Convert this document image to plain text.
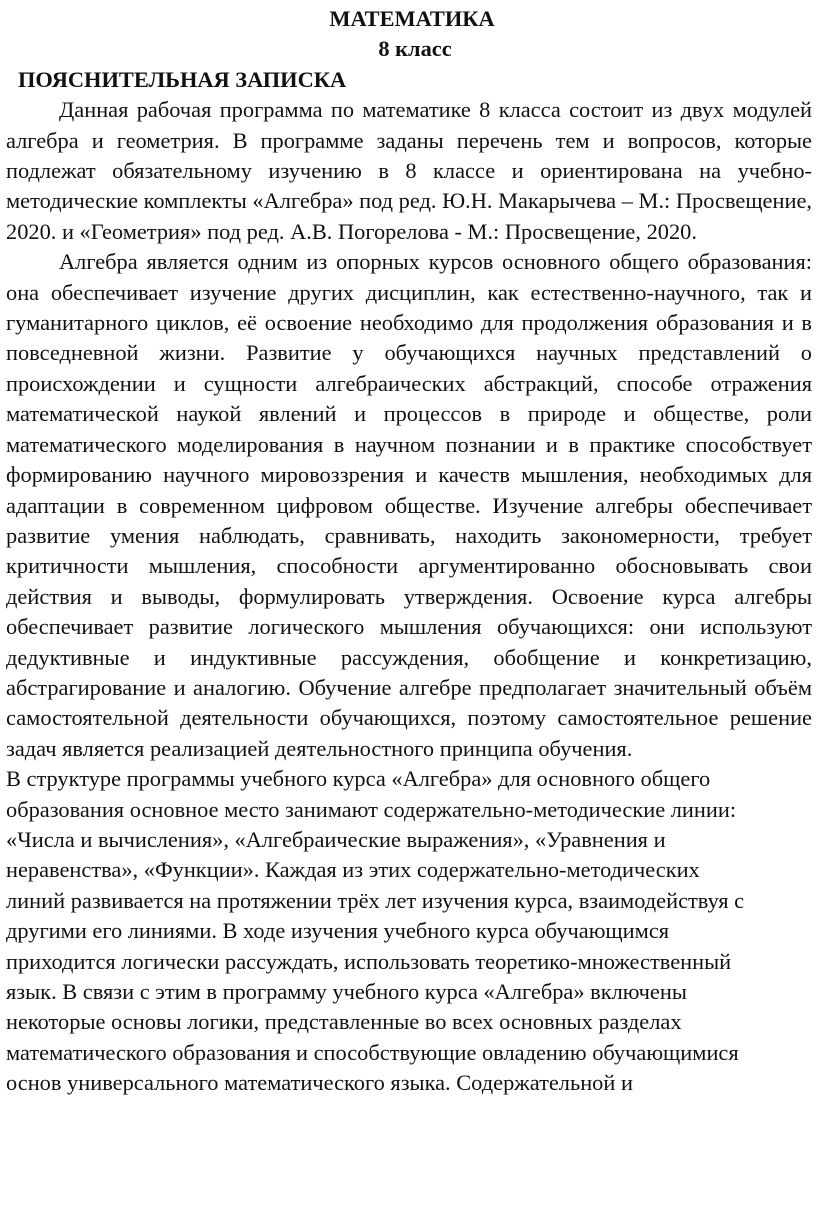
МАТЕМАТИКА

8 класс

ПОЯСНИТЕЛЬНАЯ ЗАПИСКА

Данная рабочая программа по математике 8 класса состоит из двух модулей алгебра и геометрия. В программе заданы перечень тем и вопросов, которые подлежат обязательному изучению в 8 классе и ориентирована на учебно-методические комплекты «Алгебра» под ред. Ю.Н. Макарычева – М.: Просвещение, 2020. и «Геометрия» под ред. А.В. Погорелова - М.: Просвещение, 2020.

Алгебра является одним из опорных курсов основного общего образования: она обеспечивает изучение других дисциплин, как естественно-научного, так и гуманитарного циклов, её освоение необходимо для продолжения образования и в повседневной жизни. Развитие у обучающихся научных представлений о происхождении и сущности алгебраических абстракций, способе отражения математической наукой явлений и процессов в природе и обществе, роли математического моделирования в научном познании и в практике способствует формированию научного мировоззрения и качеств мышления, необходимых для адаптации в современном цифровом обществе. Изучение алгебры обеспечивает развитие умения наблюдать, сравнивать, находить закономерности, требует критичности мышления, способности аргументированно обосновывать свои действия и выводы, формулировать утверждения. Освоение курса алгебры обеспечивает развитие логического мышления обучающихся: они используют дедуктивные и индуктивные рассуждения, обобщение и конкретизацию, абстрагирование и аналогию. Обучение алгебре предполагает значительный объём самостоятельной деятельности обучающихся, поэтому самостоятельное решение задач является реализацией деятельностного принципа обучения.

В структуре программы учебного курса «Алгебра» для основного общего

образования основное место занимают содержательно-методические линии:

«Числа и вычисления», «Алгебраические выражения», «Уравнения и

неравенства», «Функции». Каждая из этих содержательно-методических

линий развивается на протяжении трёх лет изучения курса, взаимодействуя с

другими его линиями. В ходе изучения учебного курса обучающимся

приходится логически рассуждать, использовать теоретико-множественный

язык. В связи с этим в программу учебного курса «Алгебра» включены

некоторые основы логики, представленные во всех основных разделах

математического образования и способствующие овладению обучающимися

основ универсального математического языка. Содержательной и
